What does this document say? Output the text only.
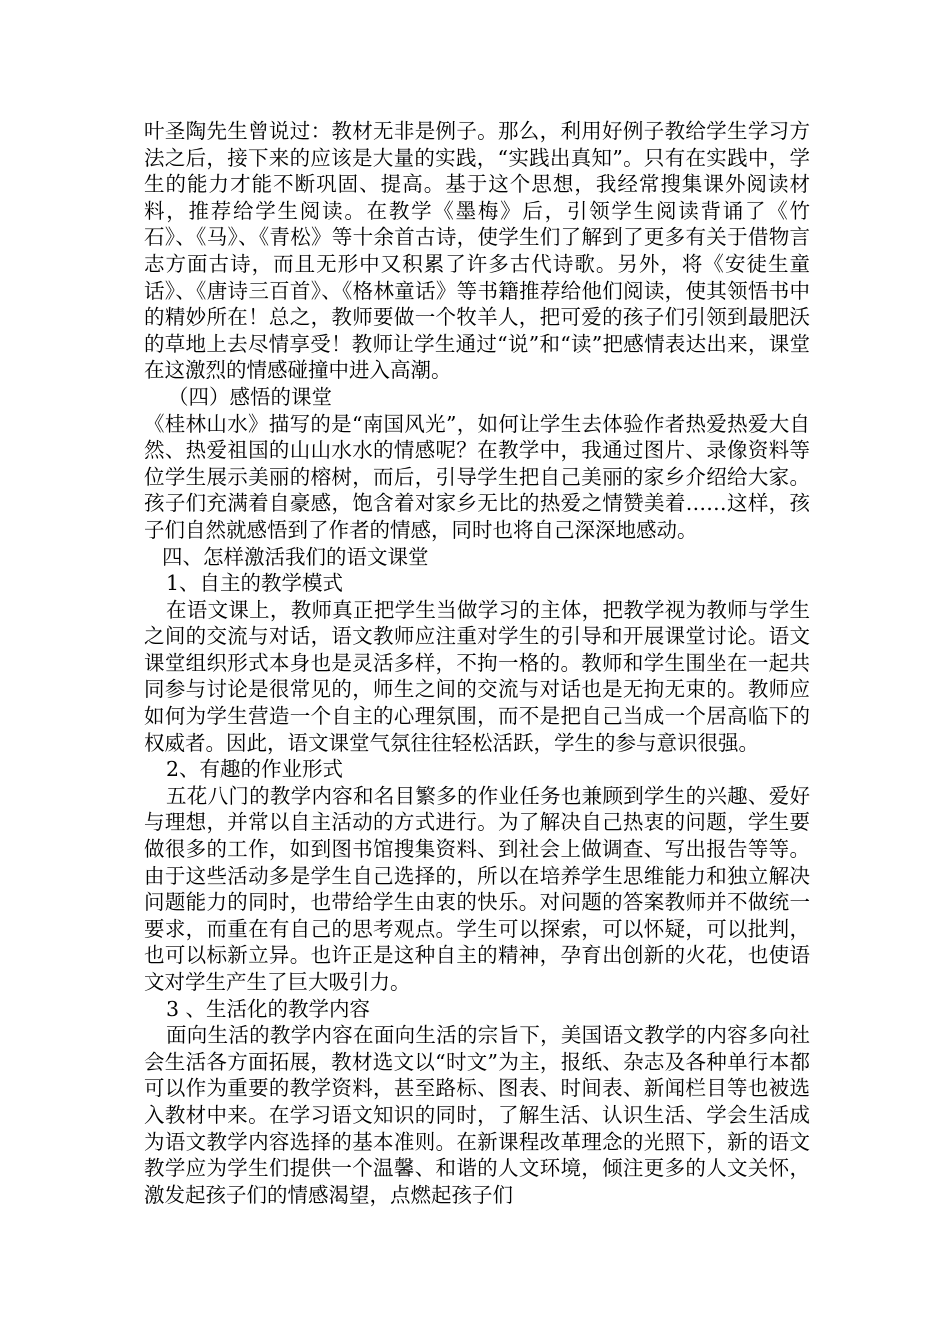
叶圣陶先生曾说过：教材无非是例子。那么，利用好例子教给学生学习方法之后，接下来的应该是大量的实践，“实践出真知”。只有在实践中，学生的能力才能不断巩固、提高。基于这个思想，我经常搜集课外阅读材料，推荐给学生阅读。在教学《墨梅》后，引领学生阅读背诵了《竹石》、《马》、《青松》等十余首古诗，使学生们了解到了更多有关于借物言志方面古诗，而且无形中又积累了许多古代诗歌。另外，将《安徒生童话》、《唐诗三百首》、《格林童话》等书籍推荐给他们阅读，使其领悟书中的精妙所在！总之，教师要做一个牧羊人，把可爱的孩子们引领到最肥沃的草地上去尽情享受！教师让学生通过“说”和“读”把感情表达出来，课堂在这激烈的情感碰撞中进入高潮。

（四）感悟的课堂

《桂林山水》描写的是“南国风光”，如何让学生去体验作者热爱热爱大自然、热爱祖国的山山水水的情感呢？在教学中，我通过图片、录像资料等位学生展示美丽的榕树，而后，引导学生把自己美丽的家乡介绍给大家。孩子们充满着自豪感，饱含着对家乡无比的热爱之情赞美着……这样，孩子们自然就感悟到了作者的情感，同时也将自己深深地感动。

四、怎样激活我们的语文课堂

1、自主的教学模式

在语文课上，教师真正把学生当做学习的主体，把教学视为教师与学生之间的交流与对话，语文教师应注重对学生的引导和开展课堂讨论。语文课堂组织形式本身也是灵活多样，不拘一格的。教师和学生围坐在一起共同参与讨论是很常见的，师生之间的交流与对话也是无拘无束的。教师应如何为学生营造一个自主的心理氛围，而不是把自己当成一个居高临下的权威者。因此，语文课堂气氛往往轻松活跃，学生的参与意识很强。

2、有趣的作业形式

五花八门的教学内容和名目繁多的作业任务也兼顾到学生的兴趣、爱好与理想，并常以自主活动的方式进行。为了解决自己热衷的问题，学生要做很多的工作，如到图书馆搜集资料、到社会上做调查、写出报告等等。由于这些活动多是学生自己选择的，所以在培养学生思维能力和独立解决问题能力的同时，也带给学生由衷的快乐。对问题的答案教师并不做统一要求，而重在有自己的思考观点。学生可以探索，可以怀疑，可以批判，也可以标新立异。也许正是这种自主的精神，孕育出创新的火花，也使语文对学生产生了巨大吸引力。

3 、生活化的教学内容

面向生活的教学内容在面向生活的宗旨下，美国语文教学的内容多向社会生活各方面拓展，教材选文以“时文”为主，报纸、杂志及各种单行本都可以作为重要的教学资料，甚至路标、图表、时间表、新闻栏目等也被选入教材中来。在学习语文知识的同时，了解生活、认识生活、学会生活成为语文教学内容选择的基本准则。在新课程改革理念的光照下，新的语文教学应为学生们提供一个温馨、和谐的人文环境，倾注更多的人文关怀，激发起孩子们的情感渴望，点燃起孩子们
